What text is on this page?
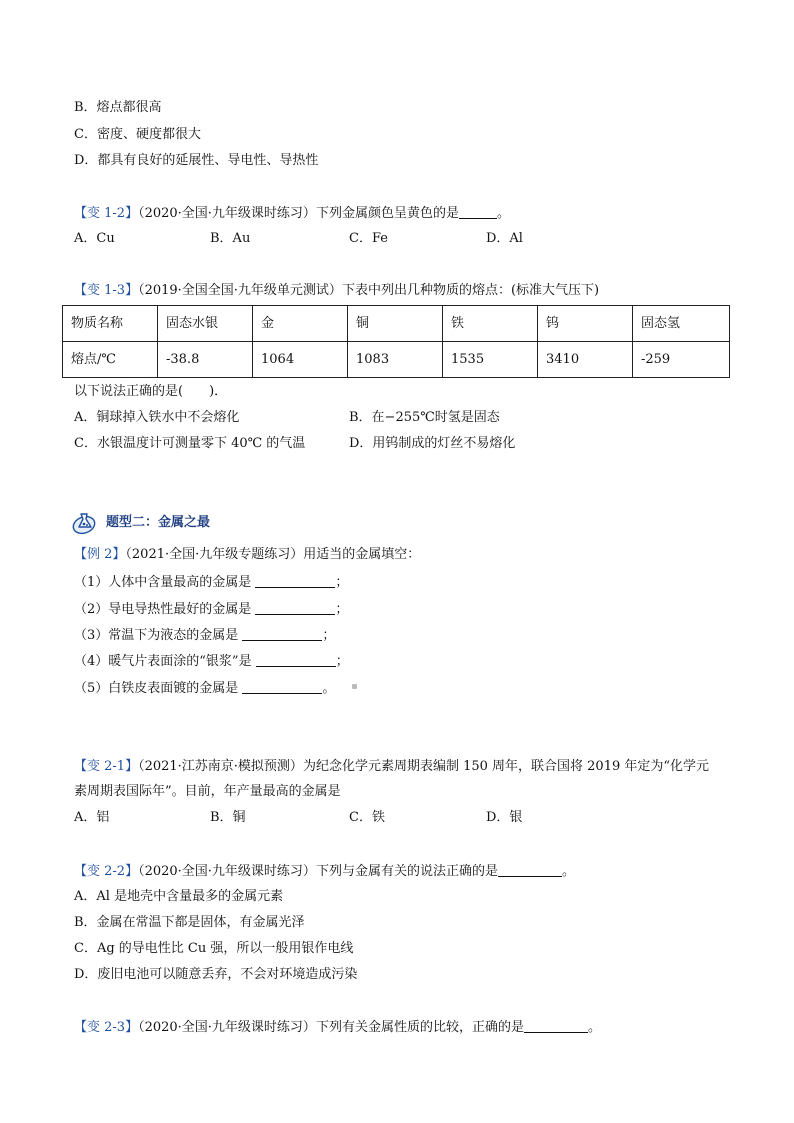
B．熔点都很高
C．密度、硬度都很大
D．都具有良好的延展性、导电性、导热性
【变 1-2】（2020·全国·九年级课时练习）下列金属颜色呈黄色的是	。
A．Cu	B．Au	C．Fe	D．Al
【变 1-3】（2019·全国全国·九年级单元测试）下表中列出几种物质的熔点：(标准大气压下)
物质名称	固态水银	金	铜	铁	钨	固态氢
熔点/℃	-38.8	1064	1083	1535	3410	-259
以下说法正确的是(　　)．
A．铜球掉入铁水中不会熔化	B．在−255℃时氢是固态
C．水银温度计可测量零下 40℃ 的气温	D．用钨制成的灯丝不易熔化
题型二：金属之最
【例 2】（2021·全国·九年级专题练习）用适当的金属填空：
（1）人体中含量最高的金属是	；
（2）导电导热性最好的金属是	；
（3）常温下为液态的金属是	；
（4）暖气片表面涂的“银浆”是	；
（5）白铁皮表面镀的金属是	。
【变 2-1】（2021·江苏南京·模拟预测）为纪念化学元素周期表编制 150 周年，联合国将 2019 年定为“化学元
素周期表国际年”。目前，年产量最高的金属是
A．铝	B．铜	C．铁	D．银
【变 2-2】（2020·全国·九年级课时练习）下列与金属有关的说法正确的是	。
A．Al 是地壳中含量最多的金属元素
B．金属在常温下都是固体，有金属光泽
C．Ag 的导电性比 Cu 强，所以一般用银作电线
D．废旧电池可以随意丢弃，不会对环境造成污染
【变 2-3】（2020·全国·九年级课时练习）下列有关金属性质的比较，正确的是	。
